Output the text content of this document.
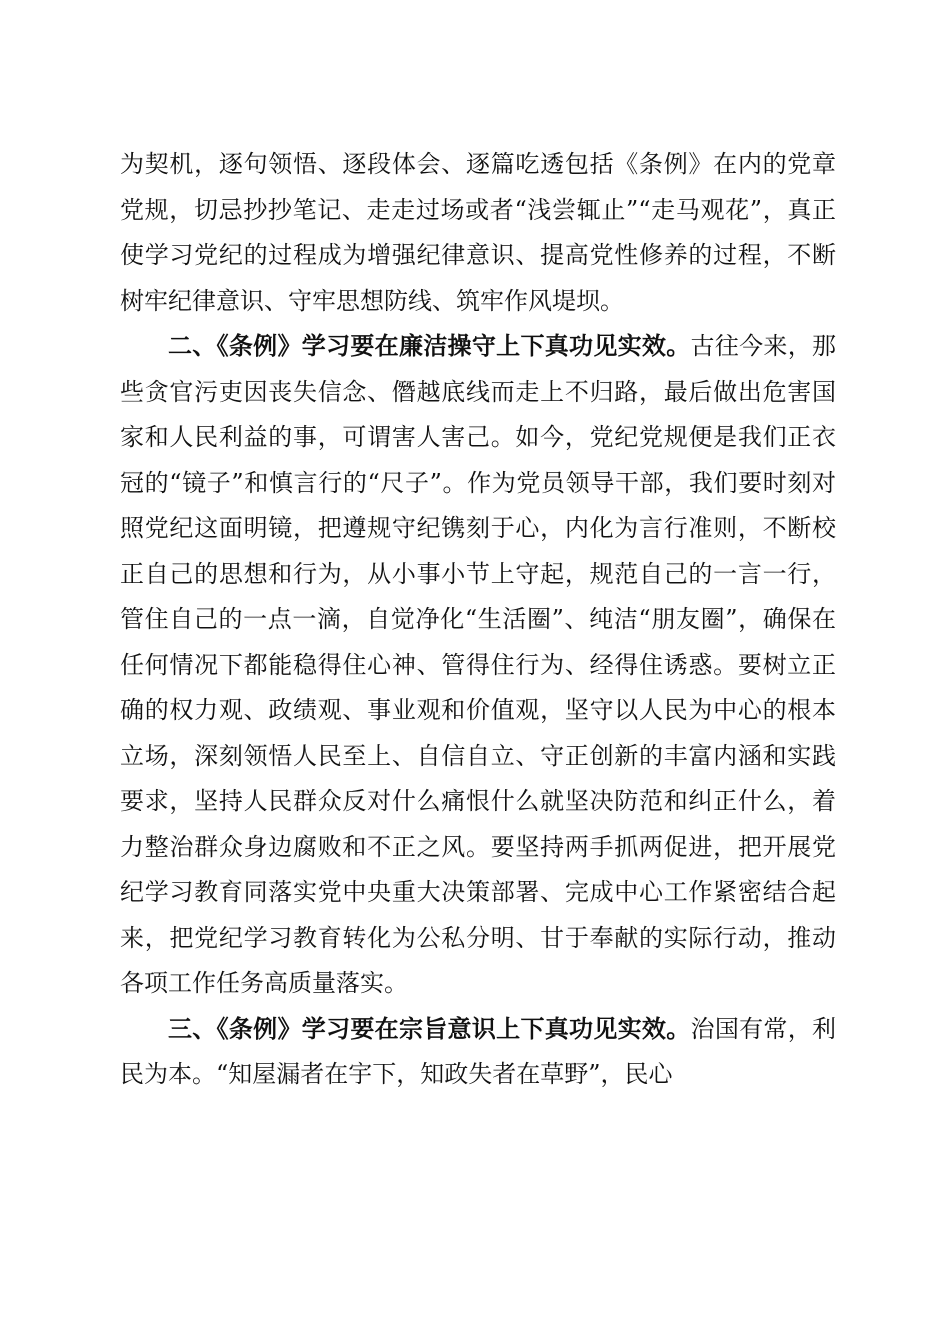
为契机，逐句领悟、逐段体会、逐篇吃透包括《条例》在内的党章党规，切忌抄抄笔记、走走过场或者“浅尝辄止”“走马观花”，真正使学习党纪的过程成为增强纪律意识、提高党性修养的过程，不断树牢纪律意识、守牢思想防线、筑牢作风堤坝。

二、《条例》学习要在廉洁操守上下真功见实效。古往今来，那些贪官污吏因丧失信念、僭越底线而走上不归路，最后做出危害国家和人民利益的事，可谓害人害己。如今，党纪党规便是我们正衣冠的“镜子”和慎言行的“尺子”。作为党员领导干部，我们要时刻对照党纪这面明镜，把遵规守纪镌刻于心，内化为言行准则，不断校正自己的思想和行为，从小事小节上守起，规范自己的一言一行，管住自己的一点一滴，自觉净化“生活圈”、纯洁“朋友圈”，确保在任何情况下都能稳得住心神、管得住行为、经得住诱惑。要树立正确的权力观、政绩观、事业观和价值观，坚守以人民为中心的根本立场，深刻领悟人民至上、自信自立、守正创新的丰富内涵和实践要求，坚持人民群众反对什么痛恨什么就坚决防范和纠正什么，着力整治群众身边腐败和不正之风。要坚持两手抓两促进，把开展党纪学习教育同落实党中央重大决策部署、完成中心工作紧密结合起来，把党纪学习教育转化为公私分明、甘于奉献的实际行动，推动各项工作任务高质量落实。

三、《条例》学习要在宗旨意识上下真功见实效。治国有常，利民为本。“知屋漏者在宇下，知政失者在草野”，民心
